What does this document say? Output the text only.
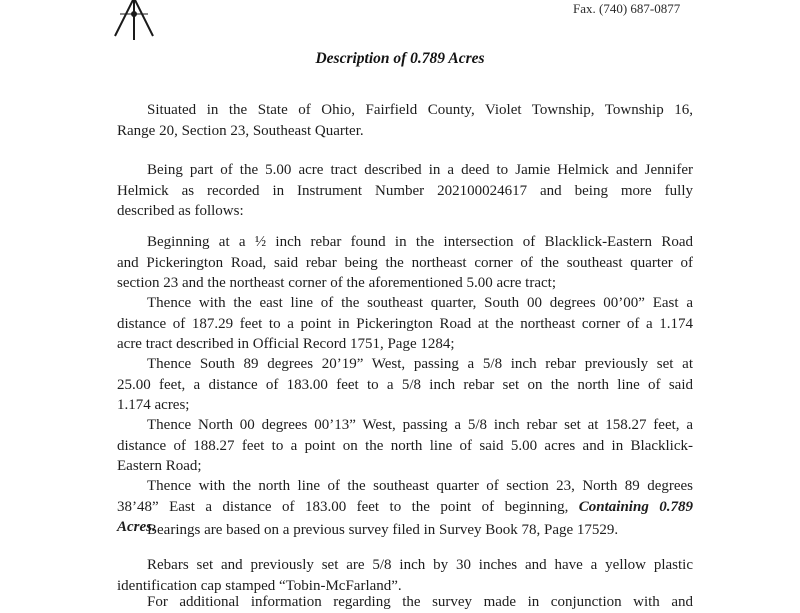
Fax. (740) 687-0877
Description of 0.789 Acres
Situated in the State of Ohio, Fairfield County, Violet Township, Township 16,
Range 20, Section 23, Southeast Quarter.
Being part of the 5.00 acre tract described in a deed to Jamie Helmick and Jennifer
Helmick as recorded in Instrument Number 202100024617 and being more fully
described as follows:
Beginning at a ½ inch rebar found in the intersection of Blacklick-Eastern Road
and Pickerington Road, said rebar being the northeast corner of the southeast quarter of
section 23 and the northeast corner of the aforementioned 5.00 acre tract;
Thence with the east line of the southeast quarter, South 00 degrees 00’00” East a
distance of 187.29 feet to a point in Pickerington Road at the northeast corner of a 1.174
acre tract described in Official Record 1751, Page 1284;
Thence South 89 degrees 20’19” West, passing a 5/8 inch rebar previously set at
25.00 feet, a distance of 183.00 feet to a 5/8 inch rebar set on the north line of said
1.174 acres;
Thence North 00 degrees 00’13” West, passing a 5/8 inch rebar set at 158.27 feet, a
distance of 188.27 feet to a point on the north line of said 5.00 acres and in Blacklick-
Eastern Road;
Thence with the north line of the southeast quarter of section 23, North 89 degrees
38’48” East a distance of 183.00 feet to the point of beginning, Containing 0.789
Acres.
Bearings are based on a previous survey filed in Survey Book 78, Page 17529.
Rebars set and previously set are 5/8 inch by 30 inches and have a yellow plastic
identification cap stamped “Tobin-McFarland”.
For additional information regarding the survey made in conjunction with and
